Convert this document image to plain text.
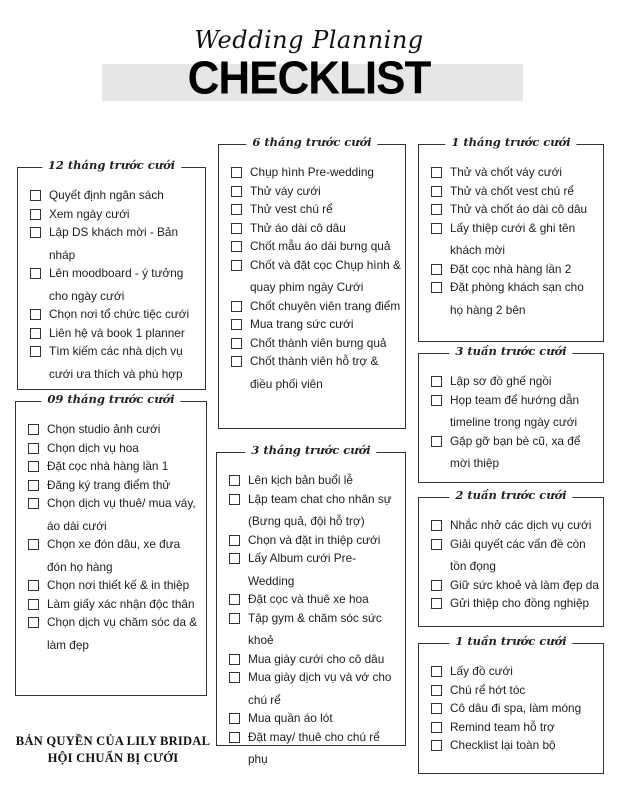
Wedding Planning
CHECKLIST
12 tháng trước cưới
Quyết định ngân sách
Xem ngày cưới
Lập DS khách mời - Bản nháp
Lên moodboard - ý tưởng cho ngày cưới
Chọn nơi tổ chức tiệc cưới
Liên hệ và book 1 planner
Tìm kiếm các nhà dịch vụ cưới ưa thích và phù hợp
09 tháng trước cưới
Chọn studio ảnh cưới
Chọn dịch vụ hoa
Đặt cọc nhà hàng lần 1
Đăng ký trang điểm thử
Chọn dịch vụ thuê/ mua váy, áo dài cưới
Chọn xe đón dâu, xe đưa đón họ hàng
Chọn nơi thiết kế & in thiệp
Làm giấy xác nhận độc thân
Chọn dịch vụ chăm sóc da & làm đẹp
6 tháng trước cưới
Chụp hình Pre-wedding
Thử váy cưới
Thử vest chú rể
Thử áo dài cô dâu
Chốt mẫu áo dài bưng quả
Chốt và đặt cọc Chụp hình & quay phim ngày Cưới
Chốt chuyên viên trang điểm
Mua trang sức cưới
Chốt thành viên bưng quả
Chốt thành viên hỗ trợ & điều phối viên
3 tháng trước cưới
Lên kịch bản buổi lễ
Lập team chat cho nhân sự (Bưng quả, đội hỗ trợ)
Chọn và đặt in thiệp cưới
Lấy Album cưới Pre-Wedding
Đặt cọc và thuê xe hoa
Tập gym & chăm sóc sức khoẻ
Mua giày cưới cho cô dâu
Mua giày dịch vụ và vớ cho chú rể
Mua quần áo lót
Đặt may/ thuê cho chú rể phụ
1 tháng trước cưới
Thử và chốt váy cưới
Thử và chốt vest chú rể
Thử và chốt áo dài cô dâu
Lấy thiệp cưới & ghi tên khách mời
Đặt cọc nhà hàng lần 2
Đặt phòng khách sạn cho họ hàng 2 bên
3 tuần trước cưới
Lập sơ đồ ghế ngồi
Họp team để hướng dẫn timeline trong ngày cưới
Gặp gỡ bạn bè cũ, xa để mời thiệp
2 tuần trước cưới
Nhắc nhở các dịch vụ cưới
Giải quyết các vấn đề còn tồn đọng
Giữ sức khoẻ và làm đẹp da
Gửi thiệp cho đồng nghiệp
1 tuần trước cưới
Lấy đồ cưới
Chú rể hớt tóc
Cô dâu đi spa, làm móng
Remind team hỗ trợ
Checklist lại toàn bộ
BẢN QUYỀN CỦA LILY BRIDAL
HỘI CHUẨN BỊ CƯỚI
